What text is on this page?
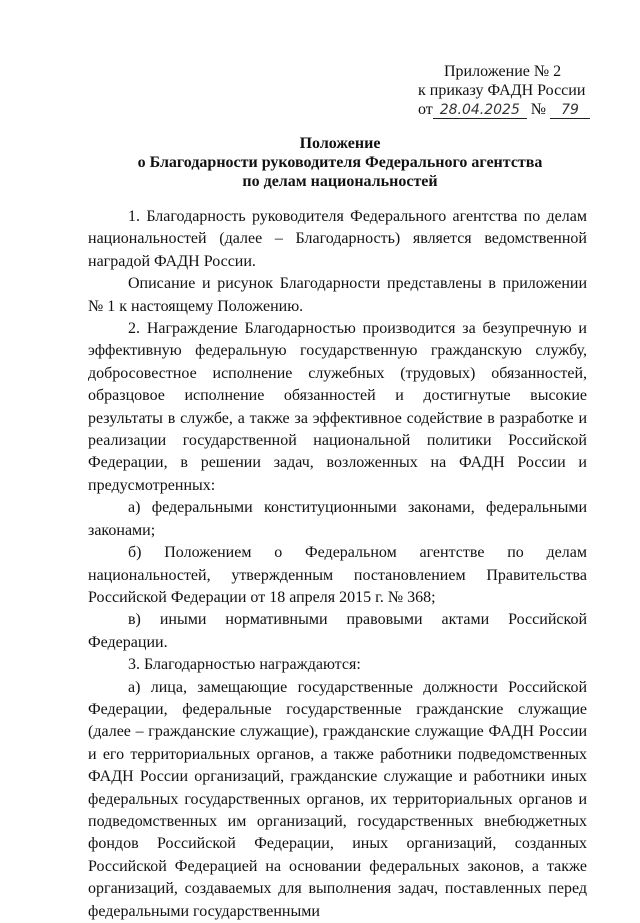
Приложение № 2
к приказу ФАДН России
от 28.04.2025 № 79
Положение
о Благодарности руководителя Федерального агентства
по делам национальностей

1. Благодарность руководителя Федерального агентства по делам национальностей (далее – Благодарность) является ведомственной наградой ФАДН России.

Описание и рисунок Благодарности представлены в приложении № 1 к настоящему Положению.

2. Награждение Благодарностью производится за безупречную и эффективную федеральную государственную гражданскую службу, добросовестное исполнение служебных (трудовых) обязанностей, образцовое исполнение обязанностей и достигнутые высокие результаты в службе, а также за эффективное содействие в разработке и реализации государственной национальной политики Российской Федерации, в решении задач, возложенных на ФАДН России и предусмотренных:

а) федеральными конституционными законами, федеральными законами;

б) Положением о Федеральном агентстве по делам национальностей, утвержденным постановлением Правительства Российской Федерации от 18 апреля 2015 г. № 368;

в) иными нормативными правовыми актами Российской Федерации.

3. Благодарностью награждаются:

а) лица, замещающие государственные должности Российской Федерации, федеральные государственные гражданские служащие (далее – гражданские служащие), гражданские служащие ФАДН России и его территориальных органов, а также работники подведомственных ФАДН России организаций, гражданские служащие и работники иных федеральных государственных органов, их территориальных органов и подведомственных им организаций, государственных внебюджетных фондов Российской Федерации, иных организаций, созданных Российской Федерацией на основании федеральных законов, а также организаций, создаваемых для выполнения задач, поставленных перед федеральными государственными
